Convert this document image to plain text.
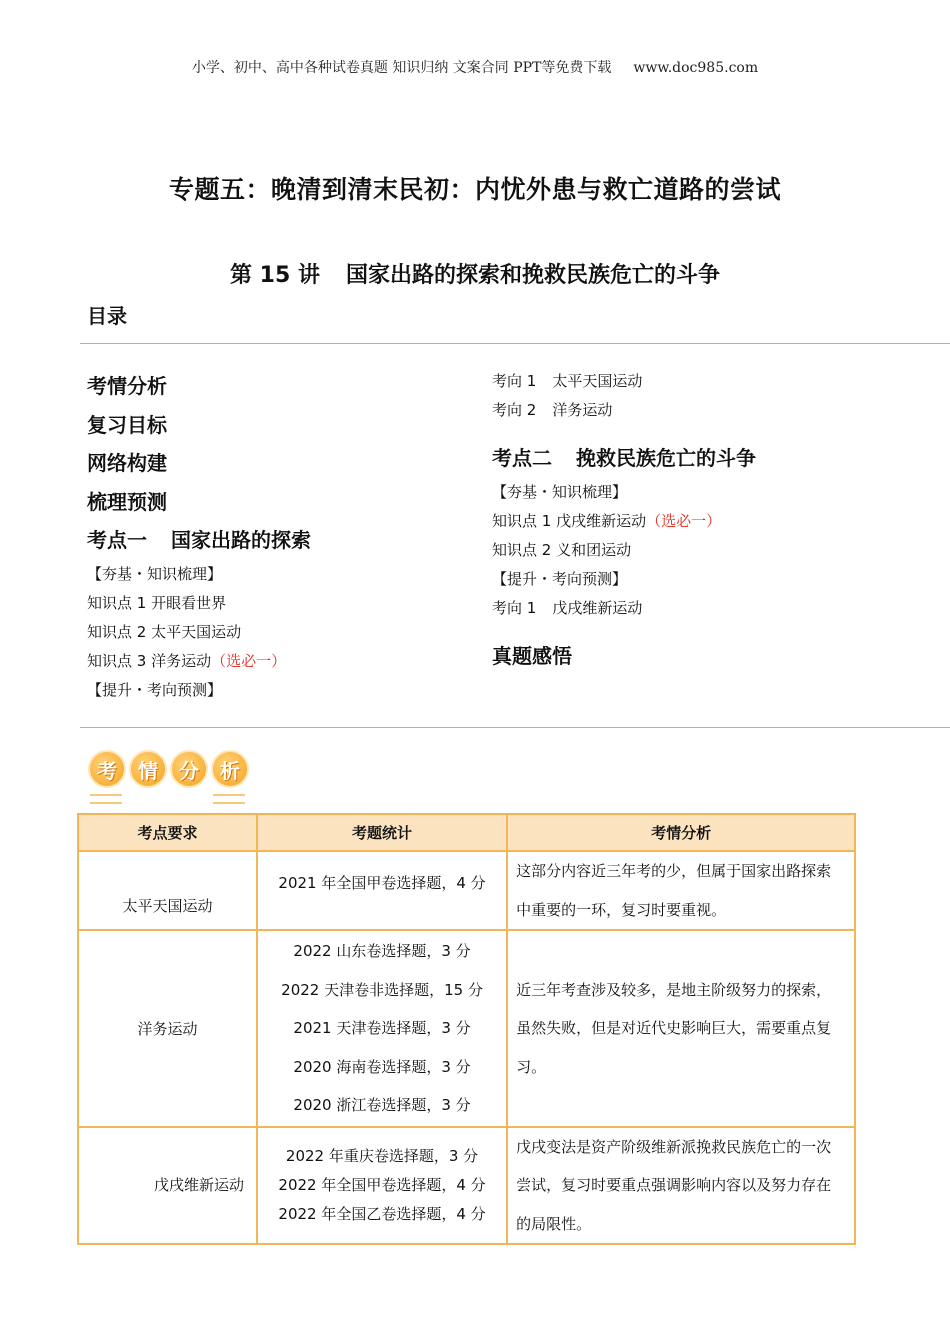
小学、初中、高中各种试卷真题 知识归纳 文案合同 PPT等免费下载 www.doc985.com
专题五：晚清到清末民初：内忧外患与救亡道路的尝试
第 15 讲 国家出路的探索和挽救民族危亡的斗争
目录
考情分析
复习目标
网络构建
梳理预测
考点一 国家出路的探索
【夯基・知识梳理】
知识点 1 开眼看世界
知识点 2 太平天国运动
知识点 3 洋务运动（选必一）
【提升・考向预测】
考向 1 太平天国运动
考向 2 洋务运动
考点二 挽救民族危亡的斗争
【夯基・知识梳理】
知识点 1 戊戌维新运动（选必一）
知识点 2 义和团运动
【提升・考向预测】
考向 1 戊戌维新运动
真题感悟
考	情	分	析
考点要求	考题统计	考情分析

太平天国运动	2021 年全国甲卷选择题，4 分	这部分内容近三年考的少，但属于国家出路探索中重要的一环，复习时要重视。
洋务运动	2022 山东卷选择题，3 分
2022 天津卷非选择题，15 分
2021 天津卷选择题，3 分
2020 海南卷选择题，3 分
2020 浙江卷选择题，3 分	近三年考查涉及较多，是地主阶级努力的探索，虽然失败，但是对近代史影响巨大，需要重点复习。

戊戌维新运动	2022 年重庆卷选择题，3 分
2022 年全国甲卷选择题，4 分
2022 年全国乙卷选择题，4 分	戊戌变法是资产阶级维新派挽救民族危亡的一次尝试，复习时要重点强调影响内容以及努力存在的局限性。
